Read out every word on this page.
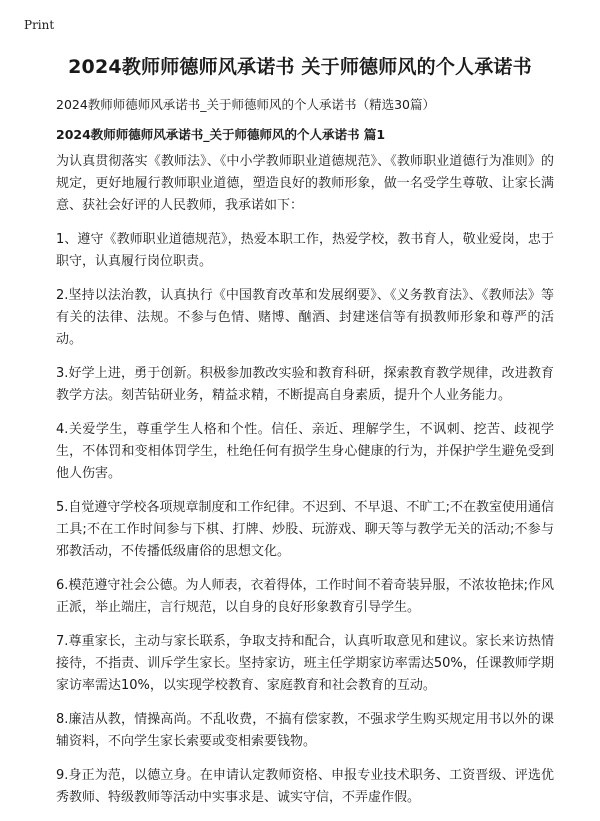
Print
2024教师师德师风承诺书 关于师德师风的个人承诺书
2024教师师德师风承诺书_关于师德师风的个人承诺书（精选30篇）
2024教师师德师风承诺书_关于师德师风的个人承诺书 篇1

为认真贯彻落实《教师法》、《中小学教师职业道德规范》、《教师职业道德行为准则》的规定，更好地履行教师职业道德，塑造良好的教师形象，做一名受学生尊敬、让家长满意、获社会好评的人民教师，我承诺如下：

1、遵守《教师职业道德规范》，热爱本职工作，热爱学校，教书育人，敬业爱岗，忠于职守，认真履行岗位职责。

2.坚持以法治教，认真执行《中国教育改革和发展纲要》、《义务教育法》、《教师法》等有关的法律、法规。不参与色情、赌博、酗酒、封建迷信等有损教师形象和尊严的活动。

3.好学上进，勇于创新。积极参加教改实验和教育科研，探索教育教学规律，改进教育教学方法。刻苦钻研业务，精益求精，不断提高自身素质，提升个人业务能力。

4.关爱学生，尊重学生人格和个性。信任、亲近、理解学生，不讽刺、挖苦、歧视学生，不体罚和变相体罚学生，杜绝任何有损学生身心健康的行为，并保护学生避免受到他人伤害。

5.自觉遵守学校各项规章制度和工作纪律。不迟到、不早退、不旷工;不在教室使用通信工具;不在工作时间参与下棋、打牌、炒股、玩游戏、聊天等与教学无关的活动;不参与邪教活动，不传播低级庸俗的思想文化。

6.模范遵守社会公德。为人师表，衣着得体，工作时间不着奇装异服，不浓妆艳抹;作风正派，举止端庄，言行规范，以自身的良好形象教育引导学生。

7.尊重家长，主动与家长联系，争取支持和配合，认真听取意见和建议。家长来访热情接待，不指责、训斥学生家长。坚持家访，班主任学期家访率需达50%，任课教师学期家访率需达10%，以实现学校教育、家庭教育和社会教育的互动。

8.廉洁从教，情操高尚。不乱收费，不搞有偿家教，不强求学生购买规定用书以外的课辅资料，不向学生家长索要或变相索要钱物。

9.身正为范，以德立身。在申请认定教师资格、申报专业技术职务、工资晋级、评选优秀教师、特级教师等活动中实事求是、诚实守信，不弄虚作假。
